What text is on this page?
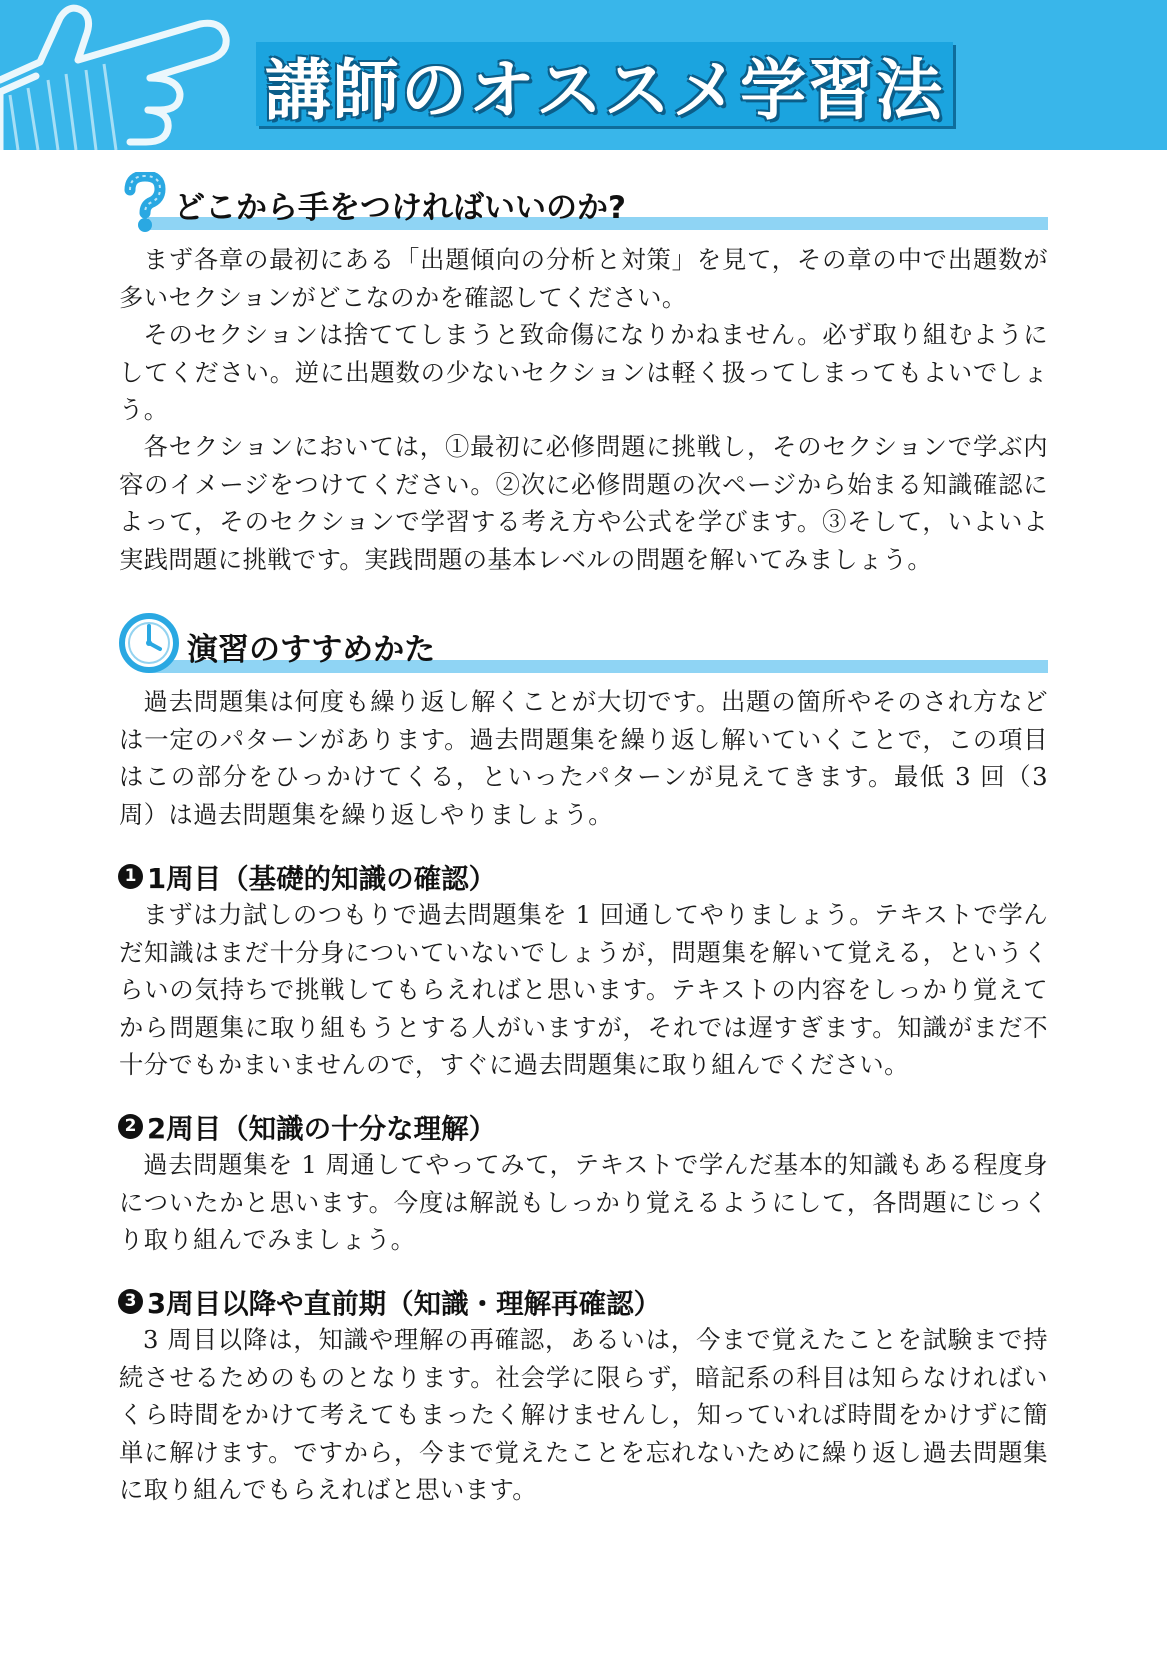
講師のオススメ学習法
どこから手をつければいいのか?

まず各章の最初にある「出題傾向の分析と対策」を見て，その章の中で出題数が多いセクションがどこなのかを確認してください。

そのセクションは捨ててしまうと致命傷になりかねません。必ず取り組むようにしてください。逆に出題数の少ないセクションは軽く扱ってしまってもよいでしょう。

各セクションにおいては，①最初に必修問題に挑戦し，そのセクションで学ぶ内容のイメージをつけてください。②次に必修問題の次ページから始まる知識確認によって，そのセクションで学習する考え方や公式を学びます。③そして，いよいよ実践問題に挑戦です。実践問題の基本レベルの問題を解いてみましょう。

演習のすすめかた

過去問題集は何度も繰り返し解くことが大切です。出題の箇所やそのされ方などは一定のパターンがあります。過去問題集を繰り返し解いていくことで，この項目はこの部分をひっかけてくる，といったパターンが見えてきます。最低 3 回（3 周）は過去問題集を繰り返しやりましょう。

1 1周目（基礎的知識の確認）

まずは力試しのつもりで過去問題集を 1 回通してやりましょう。テキストで学んだ知識はまだ十分身についていないでしょうが，問題集を解いて覚える，というくらいの気持ちで挑戦してもらえればと思います。テキストの内容をしっかり覚えてから問題集に取り組もうとする人がいますが，それでは遅すぎます。知識がまだ不十分でもかまいませんので，すぐに過去問題集に取り組んでください。

2 2周目（知識の十分な理解）

過去問題集を 1 周通してやってみて，テキストで学んだ基本的知識もある程度身についたかと思います。今度は解説もしっかり覚えるようにして，各問題にじっくり取り組んでみましょう。

3 3周目以降や直前期（知識・理解再確認）

3 周目以降は，知識や理解の再確認，あるいは，今まで覚えたことを試験まで持続させるためのものとなります。社会学に限らず，暗記系の科目は知らなければいくら時間をかけて考えてもまったく解けませんし，知っていれば時間をかけずに簡単に解けます。ですから，今まで覚えたことを忘れないために繰り返し過去問題集に取り組んでもらえればと思います。
